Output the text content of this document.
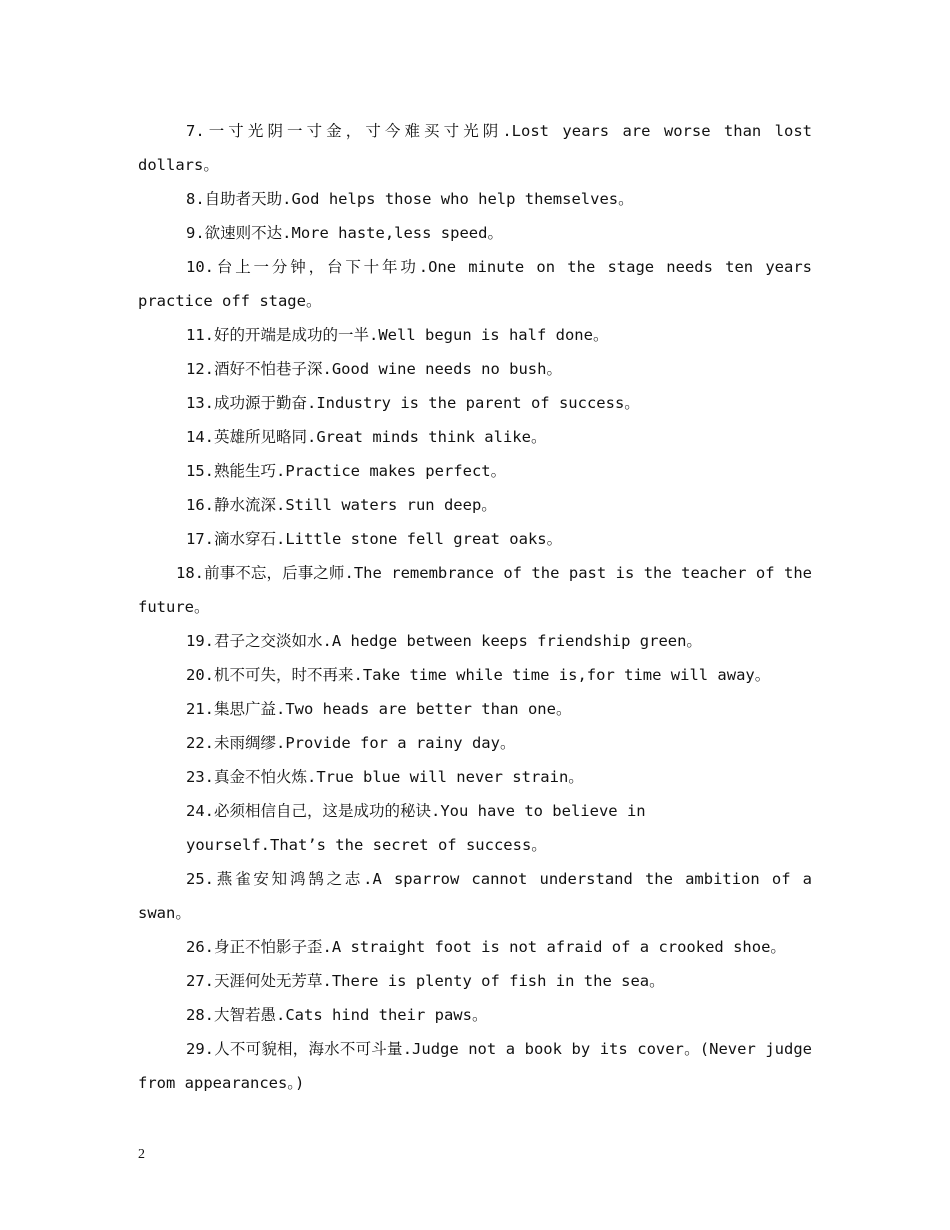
7.一寸光阴一寸金，寸今难买寸光阴.Lost years are worse than lost dollars。

8.自助者天助.God helps those who help themselves。

9.欲速则不达.More haste,less speed。

10.台上一分钟，台下十年功.One minute on the stage needs ten years practice off stage。

11.好的开端是成功的一半.Well begun is half done。

12.酒好不怕巷子深.Good wine needs no bush。

13.成功源于勤奋.Industry is the parent of success。

14.英雄所见略同.Great minds think alike。

15.熟能生巧.Practice makes perfect。

16.静水流深.Still waters run deep。

17.滴水穿石.Little stone fell great oaks。

18.前事不忘，后事之师.The remembrance of the past is the teacher of the future。

19.君子之交淡如水.A hedge between keeps friendship green。

20.机不可失，时不再来.Take time while time is,for time will away。

21.集思广益.Two heads are better than one。

22.未雨绸缪.Provide for a rainy day。

23.真金不怕火炼.True blue will never strain。

24.必须相信自己，这是成功的秘诀.You have to believe in

yourself.That’s the secret of success。

25.燕雀安知鸿鹄之志.A sparrow cannot understand the ambition of a swan。

26.身正不怕影子歪.A straight foot is not afraid of a crooked shoe。

27.天涯何处无芳草.There is plenty of fish in the sea。

28.大智若愚.Cats hind their paws。

29.人不可貌相，海水不可斗量.Judge not a book by its cover。(Never judge from appearances。)

2
